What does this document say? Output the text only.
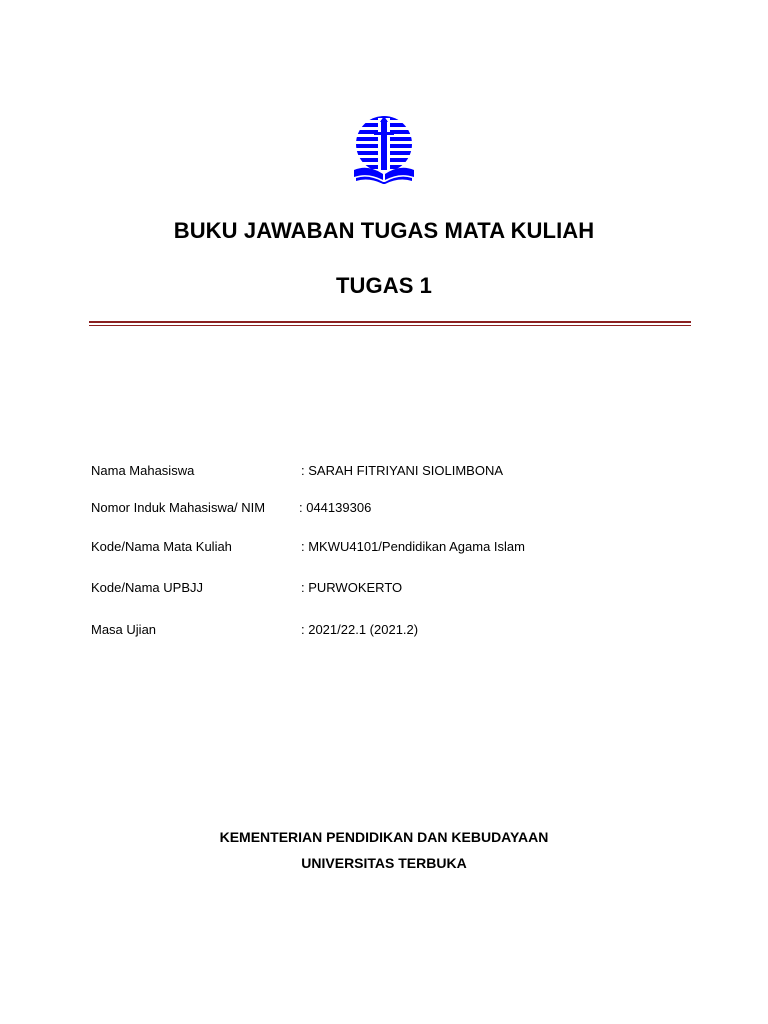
BUKU JAWABAN TUGAS MATA KULIAH
TUGAS 1
Nama Mahasiswa	: SARAH FITRIYANI SIOLIMBONA
Nomor Induk Mahasiswa/ NIM	: 044139306
Kode/Nama Mata Kuliah	: MKWU4101/Pendidikan Agama Islam
Kode/Nama UPBJJ	: PURWOKERTO
Masa Ujian	: 2021/22.1 (2021.2)
KEMENTERIAN PENDIDIKAN DAN KEBUDAYAAN
UNIVERSITAS TERBUKA
